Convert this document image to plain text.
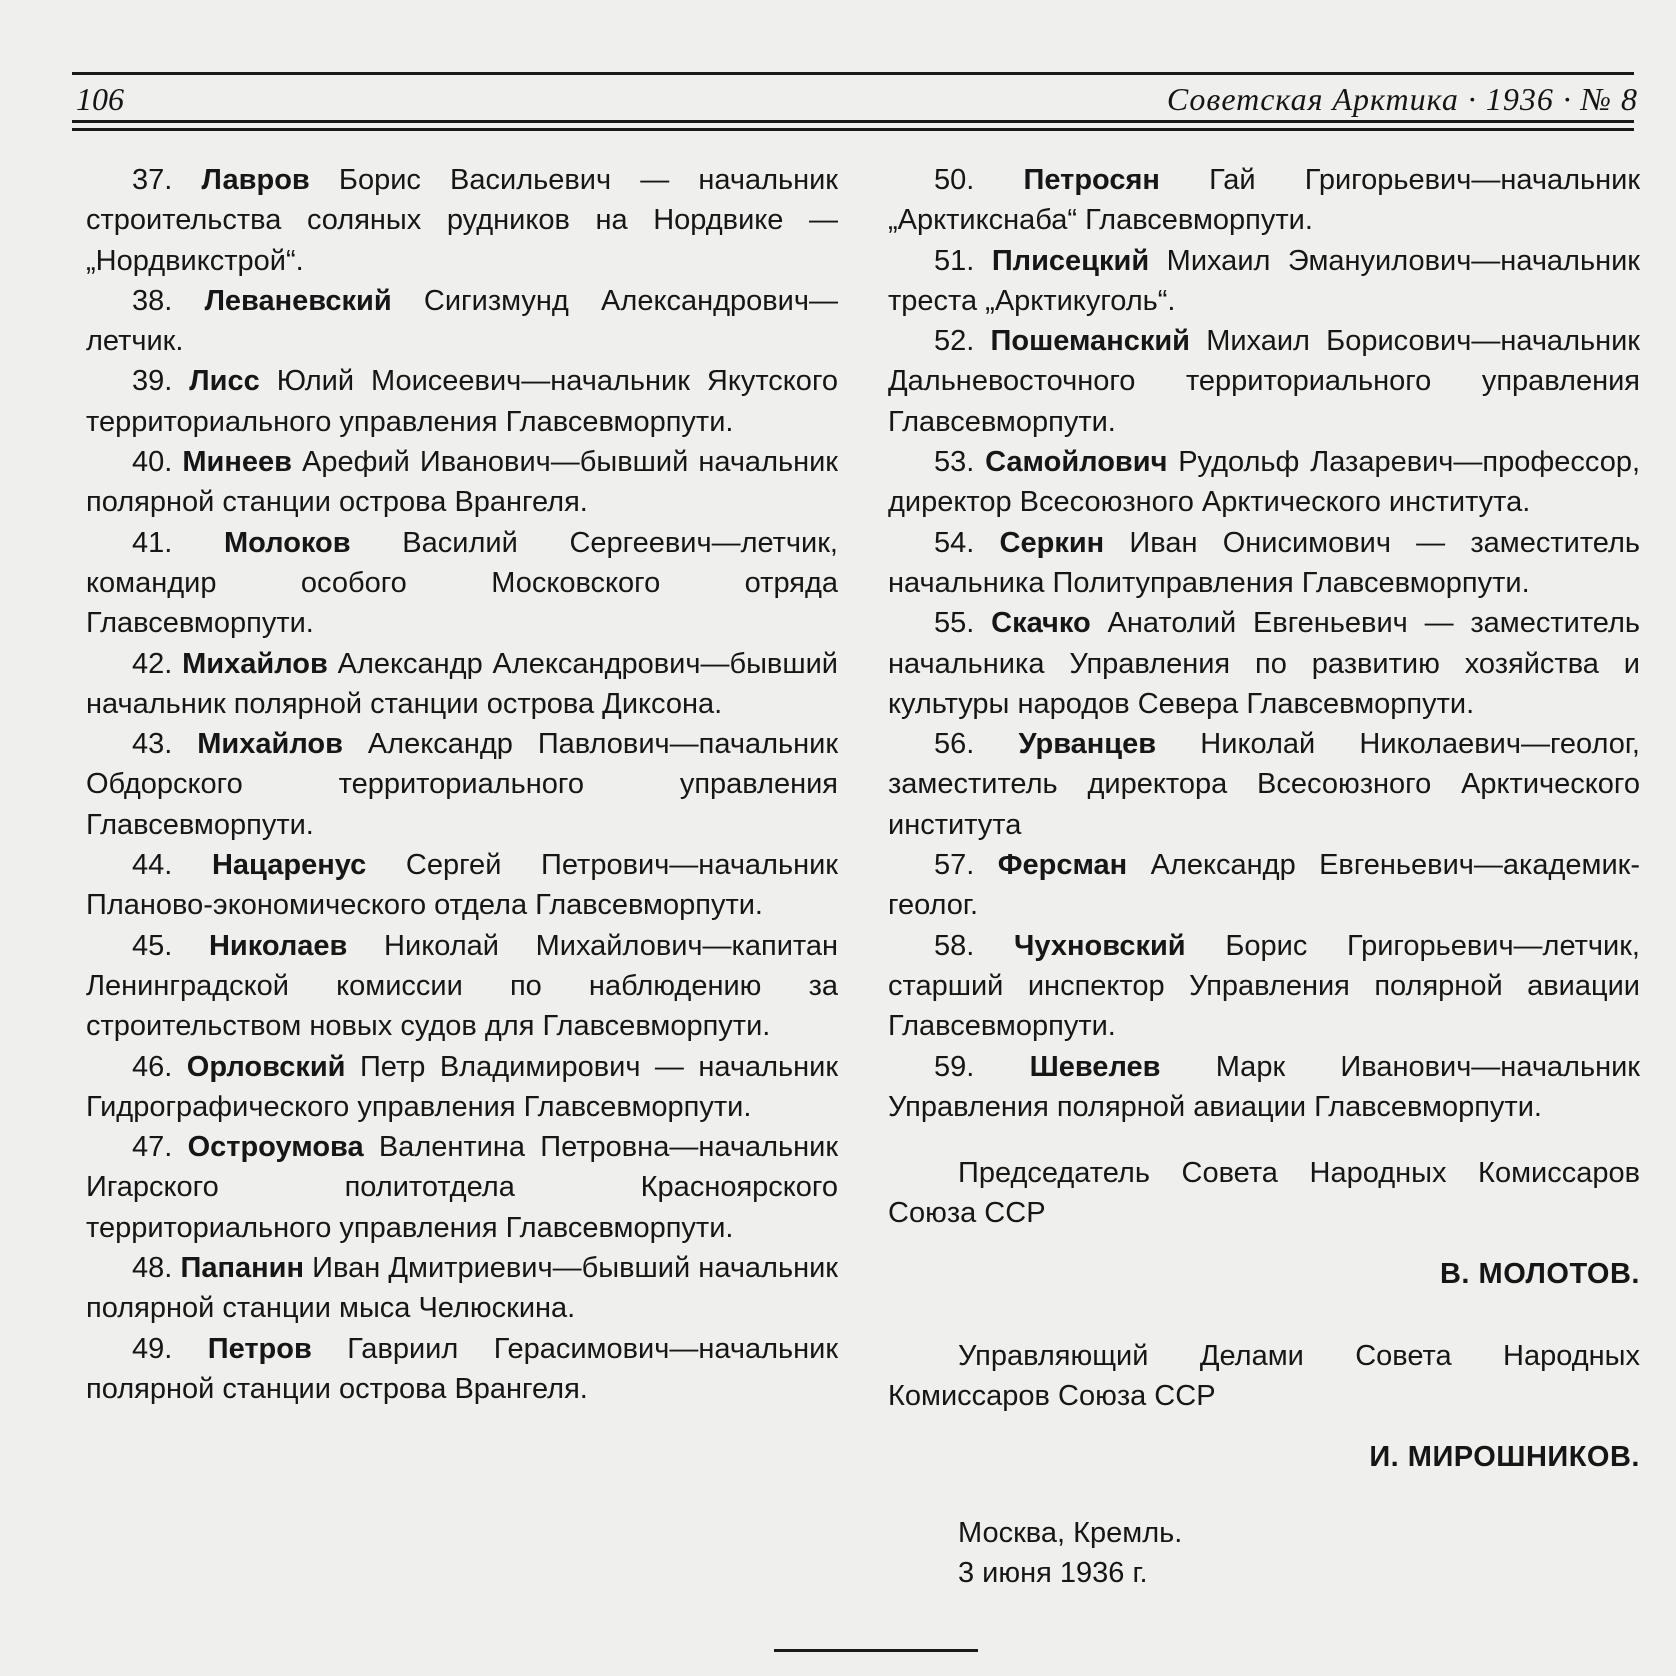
106	Советская Арктика · 1936 · № 8

37. Лавров Борис Васильевич — начальник строительства соляных рудников на Нордвике — „Нордвикстрой“.

38. Леваневский Сигизмунд Александрович—летчик.

39. Лисс Юлий Моисеевич—начальник Якутского территориального управления Главсевморпути.

40. Минеев Арефий Иванович—бывший начальник полярной станции острова Врангеля.

41. Молоков Василий Сергеевич—летчик, командир особого Московского отряда Главсевморпути.

42. Михайлов Александр Александрович—бывший начальник полярной станции острова Диксона.

43. Михайлов Александр Павлович—пачальник Обдорского территориального управления Главсевморпути.

44. Нацаренус Сергей Петрович—начальник Планово-экономического отдела Главсевморпути.

45. Николаев Николай Михайлович—капитан Ленинградской комиссии по наблюдению за строительством новых судов для Главсевморпути.

46. Орловский Петр Владимирович — начальник Гидрографического управления Главсевморпути.

47. Остроумова Валентина Петровна—начальник Игарского политотдела Красноярского территориального управления Главсевморпути.

48. Папанин Иван Дмитриевич—бывший начальник полярной станции мыса Челюскина.

49. Петров Гавриил Герасимович—начальник полярной станции острова Врангеля.

50. Петросян Гай Григорьевич—начальник „Арктикснаба“ Главсевморпути.

51. Плисецкий Михаил Эмануилович—начальник треста „Арктикуголь“.

52. Пошеманский Михаил Борисович—начальник Дальневосточного территориального управления Главсевморпути.

53. Самойлович Рудольф Лазаревич—профессор, директор Всесоюзного Арктического института.

54. Серкин Иван Онисимович — заместитель начальника Политуправления Главсевморпути.

55. Скачко Анатолий Евгеньевич — заместитель начальника Управления по развитию хозяйства и культуры народов Севера Главсевморпути.

56. Урванцев Николай Николаевич—геолог, заместитель директора Всесоюзного Арктического института

57. Ферсман Александр Евгеньевич—академик-геолог.

58. Чухновский Борис Григорьевич—летчик, старший инспектор Управления полярной авиации Главсевморпути.

59. Шевелев Марк Иванович—начальник Управления полярной авиации Главсевморпути.

Председатель Совета Народных Комиссаров Союза ССР

В. МОЛОТОВ.

Управляющий Делами Совета Народных Комиссаров Союза ССР

И. МИРОШНИКОВ.

Москва, Кремль.
3 июня 1936 г.
